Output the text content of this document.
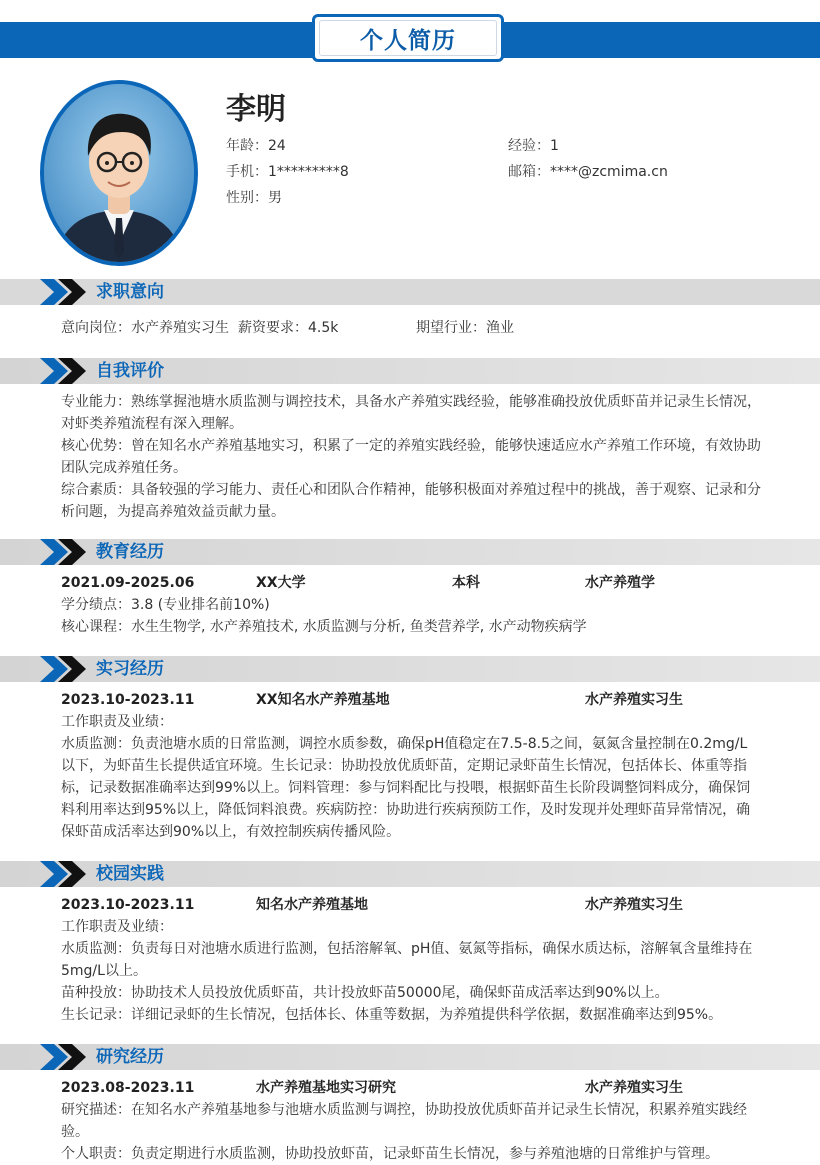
个人简历
李明
年龄：24	经验：1
手机：1*********8	邮箱：****@zcmima.cn
性别：男
求职意向
意向岗位：水产养殖实习生 薪资要求：4.5k	期望行业：渔业
自我评价

专业能力：熟练掌握池塘水质监测与调控技术，具备水产养殖实践经验，能够准确投放优质虾苗并记录生长情况，对虾类养殖流程有深入理解。

核心优势：曾在知名水产养殖基地实习，积累了一定的养殖实践经验，能够快速适应水产养殖工作环境，有效协助团队完成养殖任务。

综合素质：具备较强的学习能力、责任心和团队合作精神，能够积极面对养殖过程中的挑战，善于观察、记录和分析问题，为提高养殖效益贡献力量。

教育经历
2021.09-2025.06	XX大学	本科	水产养殖学

学分绩点：3.8 (专业排名前10%)

核心课程：水生生物学, 水产养殖技术, 水质监测与分析, 鱼类营养学, 水产动物疾病学

实习经历
2023.10-2023.11	XX知名水产养殖基地	水产养殖实习生

工作职责及业绩：

水质监测：负责池塘水质的日常监测，调控水质参数，确保pH值稳定在7.5-8.5之间，氨氮含量控制在0.2mg/L以下，为虾苗生长提供适宜环境。生长记录：协助投放优质虾苗，定期记录虾苗生长情况，包括体长、体重等指标，记录数据准确率达到99%以上。饲料管理：参与饲料配比与投喂，根据虾苗生长阶段调整饲料成分，确保饲料利用率达到95%以上，降低饲料浪费。疾病防控：协助进行疾病预防工作，及时发现并处理虾苗异常情况，确保虾苗成活率达到90%以上，有效控制疾病传播风险。

校园实践
2023.10-2023.11	知名水产养殖基地	水产养殖实习生

工作职责及业绩：

水质监测：负责每日对池塘水质进行监测，包括溶解氧、pH值、氨氮等指标，确保水质达标，溶解氧含量维持在5mg/L以上。

苗种投放：协助技术人员投放优质虾苗，共计投放虾苗50000尾，确保虾苗成活率达到90%以上。

生长记录：详细记录虾的生长情况，包括体长、体重等数据，为养殖提供科学依据，数据准确率达到95%。

研究经历
2023.08-2023.11	水产养殖基地实习研究	水产养殖实习生

研究描述：在知名水产养殖基地参与池塘水质监测与调控，协助投放优质虾苗并记录生长情况，积累养殖实践经验。

个人职责：负责定期进行水质监测，协助投放虾苗，记录虾苗生长情况，参与养殖池塘的日常维护与管理。
